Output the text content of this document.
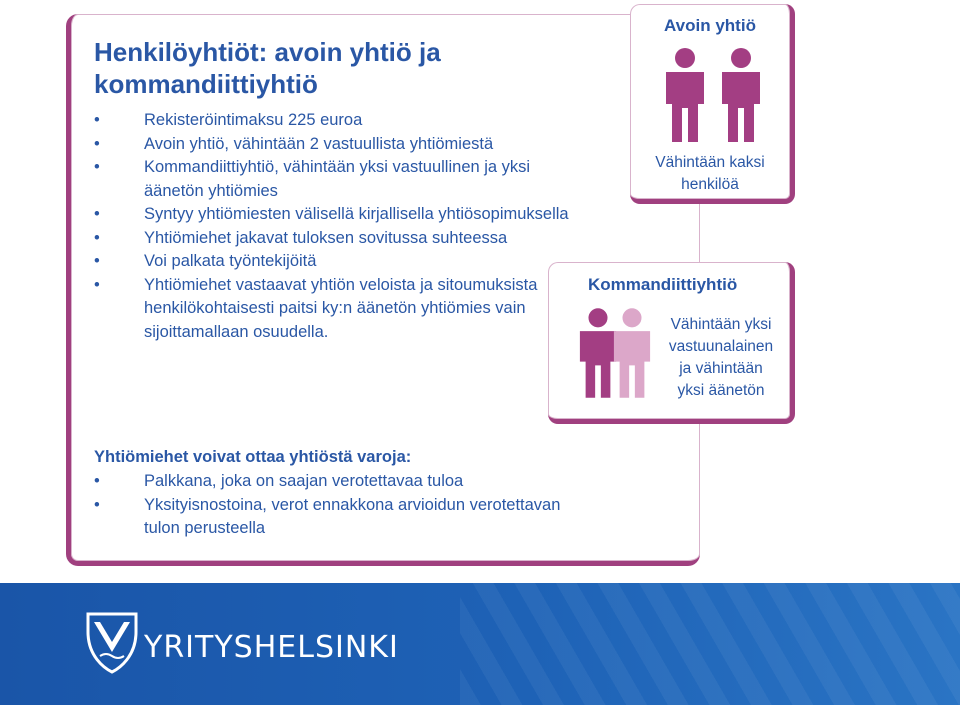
Henkilöyhtiöt: avoin yhtiö ja kommandiittiyhtiö
•	Rekisteröintimaksu 225 euroa
•	Avoin yhtiö, vähintään 2 vastuullista yhtiömiestä
•	Kommandiittiyhtiö, vähintään yksi vastuullinen ja yksi äänetön yhtiömies
•	Syntyy yhtiömiesten välisellä kirjallisella yhtiösopimuksella
•	Yhtiömiehet jakavat tuloksen sovitussa suhteessa
•	Voi palkata työntekijöitä
•	Yhtiömiehet vastaavat yhtiön veloista ja sitoumuksista henkilökohtaisesti paitsi ky:n äänetön yhtiömies vain sijoittamallaan osuudella.
Yhtiömiehet voivat ottaa yhtiöstä varoja:
•	Palkkana, joka on saajan verotettavaa tuloa
•	Yksityisnostoina, verot ennakkona arvioidun verotettavan tulon perusteella
Avoin yhtiö
Vähintään kaksi
henkilöä
Kommandiittiyhtiö
Vähintään yksi
vastuunalainen
ja vähintään
yksi äänetön
YRITYSHELSINKI
